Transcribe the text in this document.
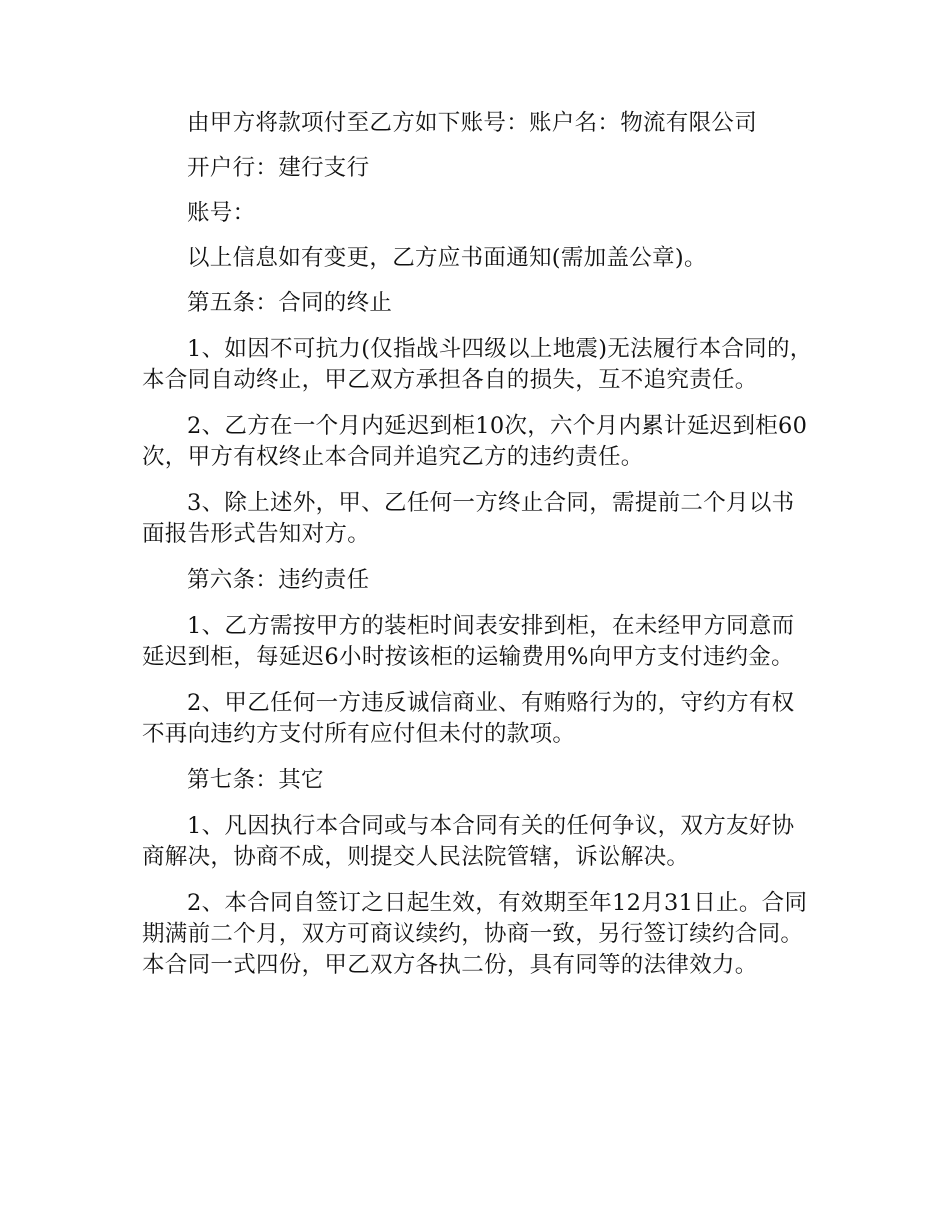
由甲方将款项付至乙方如下账号：账户名：物流有限公司

开户行：建行支行

账号：

以上信息如有变更，乙方应书面通知(需加盖公章)。

第五条：合同的终止

1、如因不可抗力(仅指战斗四级以上地震)无法履行本合同的，本合同自动终止，甲乙双方承担各自的损失，互不追究责任。

2、乙方在一个月内延迟到柜10次，六个月内累计延迟到柜60次，甲方有权终止本合同并追究乙方的违约责任。

3、除上述外，甲、乙任何一方终止合同，需提前二个月以书面报告形式告知对方。

第六条：违约责任

1、乙方需按甲方的装柜时间表安排到柜，在未经甲方同意而延迟到柜，每延迟6小时按该柜的运输费用%向甲方支付违约金。

2、甲乙任何一方违反诚信商业、有贿赂行为的，守约方有权不再向违约方支付所有应付但未付的款项。

第七条：其它

1、凡因执行本合同或与本合同有关的任何争议，双方友好协商解决，协商不成，则提交人民法院管辖，诉讼解决。

2、本合同自签订之日起生效，有效期至年12月31日止。合同期满前二个月，双方可商议续约，协商一致，另行签订续约合同。本合同一式四份，甲乙双方各执二份，具有同等的法律效力。
